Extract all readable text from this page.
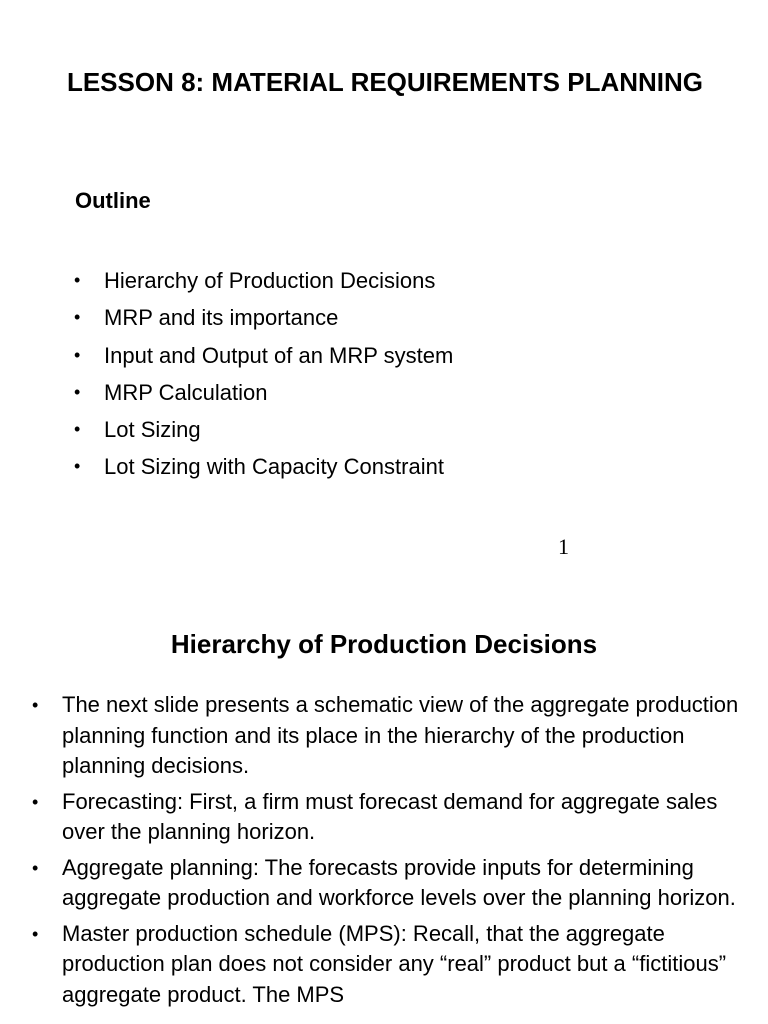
LESSON 8: MATERIAL REQUIREMENTS PLANNING
Outline
• Hierarchy of Production Decisions
• MRP and its importance
• Input and Output of an MRP system
• MRP Calculation
• Lot Sizing
• Lot Sizing with Capacity Constraint
1
Hierarchy of Production Decisions
• The next slide presents a schematic view of the aggregate production planning function and its place in the hierarchy of the production planning decisions.
• Forecasting: First, a firm must forecast demand for aggregate sales over the planning horizon.
• Aggregate planning: The forecasts provide inputs for determining aggregate production and workforce levels over the planning horizon.
• Master production schedule (MPS): Recall, that the aggregate production plan does not consider any “real” product but a “fictitious” aggregate product. The MPS
